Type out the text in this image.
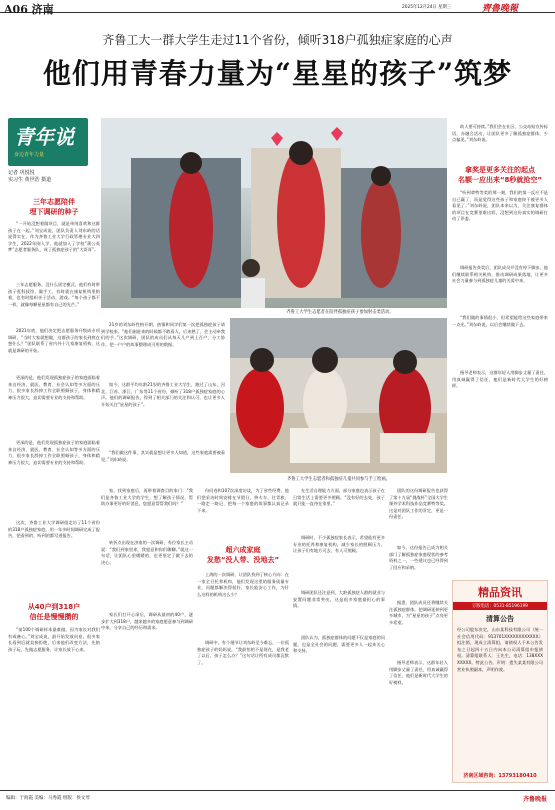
A06 济南	2025年12月24日 星期三	齊魯晚報
齐鲁工大一群大学生走过11个省份，倾听318户孤独症家庭的心声
他们用青春力量为“星星的孩子”筑梦
青年说
身边青年力量
记者 巩悦悦
实习生 黄世浩 摄道
三年志愿陪伴
埋下调研的种子
“一开始没想着做项目，就是单纯喜欢和这群孩子在一起。”刘宝成说，团队负责人刘东岭的话说得实在，作为齐鲁工业大学行政管理专业大四学生，2022年刚入学，他就加入了学校“蒲公英梦”志愿者服务队，成了孤独症孩子的“大哥哥”。
三年志愿服务，没什么固定模式，他们有时带孩子逛科技馆、做手工，有时就在康复机构里陪着，也有时组织亲子活动、游戏。“每个孩子都不一样，就像每颗星星都有自己的光芒。”
2021年底，他们决定把志愿服务升级成专项调研，“当时大家就想做，这群孩子的家长到底在想什么？”团队联系了省内外十几家康复机构，这就是调研的开始。
更深的是，他们发现孤独症孩子的家庭面临着来自经济、就医、教育、社会认知等多方面的压力，很多家长辞掉工作全职照顾孩子，身体和精神压力很大，迫切需要专业的支持和帮助。
更深的是，他们发现孤独症孩子的家庭面临着来自经济、就医、教育、社会认知等多方面的压力，很多家长辞掉工作全职照顾孩子，身体和精神压力很大，迫切需要专业的支持和帮助。
这次，齐鲁工业大学调研组走访了11个省份的318户孤独症家庭，用一年多时间调研完成了报告，把看到的、听到的都写进报告。
从40户到318户
信任是慢慢攒的
“前100个调研样本最难做，因为家长对我们有戒备心。”刘宝成说，最开始发放问卷，很多家长看到后就直接拒绝，后来他们改变方法，先陪孩子玩，先做志愿服务，让家长放下心来。
齐鲁工大学生志愿者在陪伴孤独症孩子参加射击类活动。
齐鲁工大学生志愿者和孤独症儿童共同参与手工绘画。
21岁的刘东岭性格开朗，热情和同学们第一次把孤独症孩子请到学校来。“他们刚进来的时候都不敢看人，后来熟了，会主动牵我们的手。”这次调研，团队的成员们从每天几户到上百户，分工协作，把一户户的故事整理成可用的数据。
如今，这群平均年龄21岁的齐鲁工业大学生，跑过了山东、河北、江苏、浙江、广东等11个省份，倾听了318户孤独症家庭的心声。他们的调研报告，得到了相关部门的关注和认可，也让更多人开始关注“星星的孩子”。
“我们做这件事，其实就是想让更多人知道，这些家庭需要被看见。”刘东岭说。
家，找到家庭后，再带着调查目的家门：“我们是齐鲁工业大学的学生，想了解孩子情况，帮助办事更好的好消息，您愿意帮帮我们吗？”
转折点出现在济南的一次调研，有位家长主动说：“我们到家里来，我愿意和你们聊聊。”就这一句话，让团队心里暖暖的，也更坚定了做下去的决心。
家长们打开心扉后，调研从最初的40户，逐步扩大到318户，越来越多的家庭愿意参与到调研中来，分享自己的经历和需求。
份问卷和107次深度访谈，为了省些经费，他们把采访时间安排在节假日，挤火车、住青旅，一路走一路记，把每一个家庭的故事都认真记录下来。
超六成家庭
发愁“没人带、没地去”
上海的一次调研，让团队找到了核心方向：在一家全日托养机构，他们发现这里的服务质量专业，问题都解决得很好，家长能安心工作，为什么这样的机构这么少？
调研中，有个细节让刘东岭至今难忘，一位孤独症孩子的妈妈说，“我最怕的不是现在，是我老了以后，孩子怎么办？”这句话让所有成员都沉默了。
在生活自理能力方面，部分家庭也表示孩子在日常生活上需要更多照顾。“没有好的去处，孩子就只能一直待在家里。”
调研时，不少孤独症家长表示，希望能有更多专业的托养和康复机构，减少家长的照顾压力，让孩子们有地方可去、有人可照顾。
调研团队还注意到，大龄孤独症人群的就业与安置问题非常突出，这是很多家庭最担心的事情。
团队认为，孤独症群体的问题不仅是家庭的问题，也是全社会的问题，需要更多人一起来关心和支持。
助人要可持续。”我们会在社区、公交站贴宣传标语，办融合活动，让团队更多了解孤独症群体，少点偏见。”刘东岭说。
拿奖是更多关注的起点
名额一应出来“8秒就抢空”
“听到拿特等奖的那一刻，我们的第一反应不是自己赢了，而是觉得这些孩子和家庭终于被更多人看见了。”刘东岭说，团队本来以为，关注康复群体的项目在竞赛里难出彩，没想到这份真实的调研打动了评委。
调研报告获奖后，团队成员并没有停下脚步。他们继续联系相关机构，推动调研成果落地，让更多社会力量参与到孤独症儿童的关爱中来。
“我们做的事情很小，但希望能给这些家庭带来一点光。”刘东岭说，以后会继续做下去。
团队的这份调研报告也获得了第十九届“挑战杯”全国大学生课外学术科技作品竞赛特等奖。这是对团队工作的肯定，更是一份责任。
如今，这份报告已成为相关部门了解孤独症家庭现状的参考资料之一，一些建议也已经得到了回应和采纳。
据悉，团队成员还将继续关注孤独症群体，把调研延伸到更多城市，为“星星的孩子”点亮更多希望。
指导老师表示，这群年轻人用脚步丈量了责任，用真诚赢得了信任，他们是新时代大学生的好榜样。
指导老师表示，这群年轻人用脚步丈量了责任，用真诚赢得了信任，他们是新时代大学生的好榜样。
精品资讯
订版电话：0531-85196199
清算公告
经公司股东决定，山东某科技有限公司（统一社会信用代码：913701XXXXXXXXXXXX）拟注销，现成立清算组，请债权人于本公告发布之日起四十五日内向本公司清算组申报债权。清算组联系人：王先生，电话：138XXXXXXXX。特此公告。声明：遗失某某有限公司营业执照副本，声明作废。
济南区域咨询：13793180410
编辑：于海霞 美编：马秀霞 组版：侯文琴	齐鲁晚报
